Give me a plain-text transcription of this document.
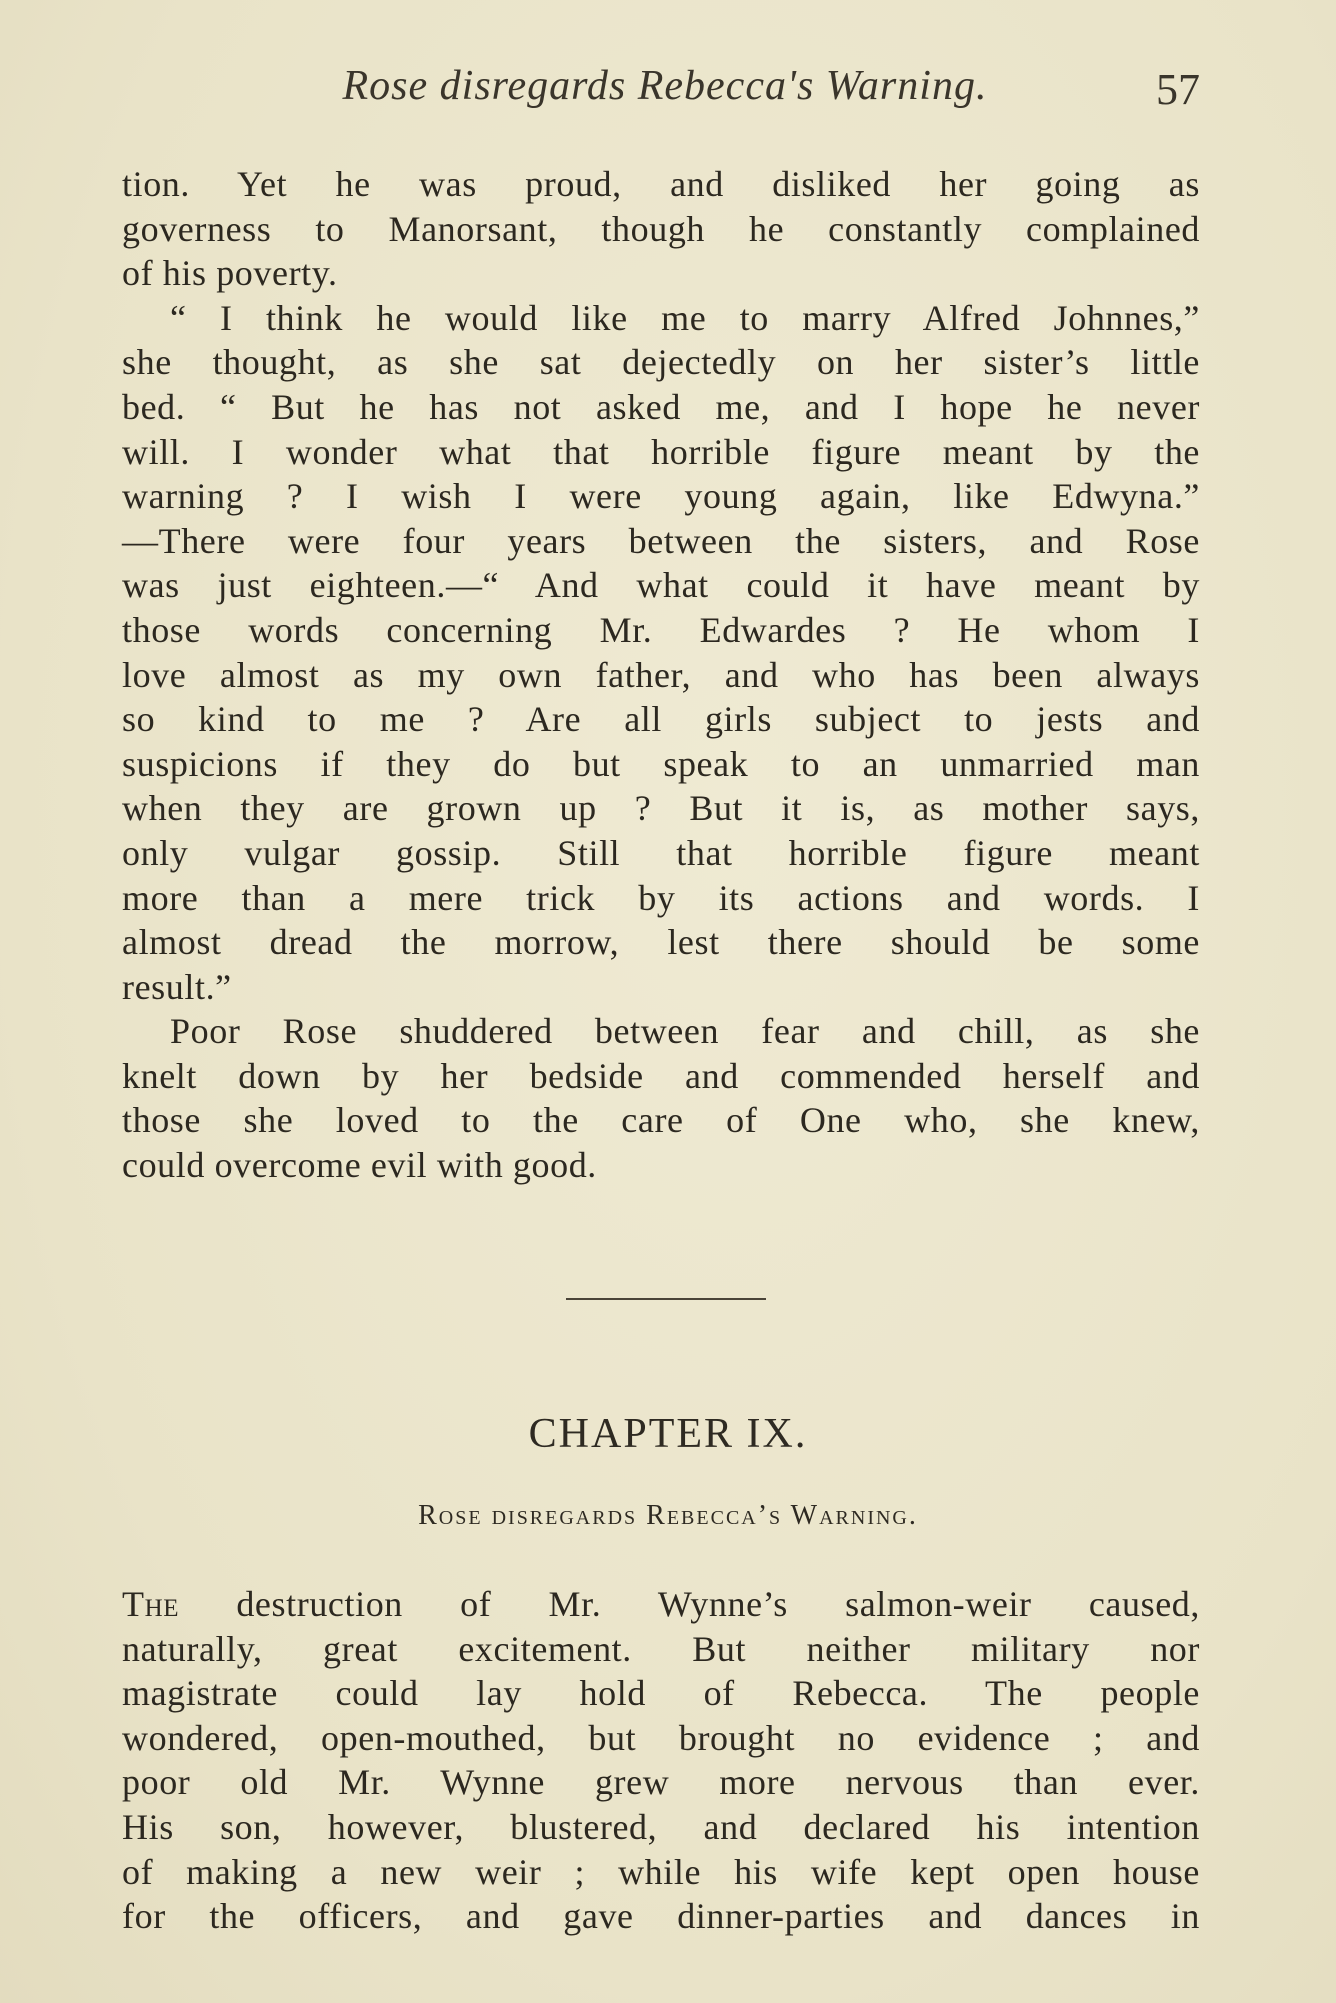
Rose disregards Rebecca's Warning.	57

tion. Yet he was proud, and disliked her going as
governess to Manorsant, though he constantly complained
of his poverty.

“ I think he would like me to marry Alfred Johnnes,”
she thought, as she sat dejectedly on her sister’s little
bed. “ But he has not asked me, and I hope he never
will. I wonder what that horrible figure meant by the
warning ? I wish I were young again, like Edwyna.”
—There were four years between the sisters, and Rose
was just eighteen.—“ And what could it have meant by
those words concerning Mr. Edwardes ? He whom I
love almost as my own father, and who has been always
so kind to me ? Are all girls subject to jests and
suspicions if they do but speak to an unmarried man
when they are grown up ? But it is, as mother says,
only vulgar gossip. Still that horrible figure meant
more than a mere trick by its actions and words. I
almost dread the morrow, lest there should be some
result.”

Poor Rose shuddered between fear and chill, as she
knelt down by her bedside and commended herself and
those she loved to the care of One who, she knew,
could overcome evil with good.

CHAPTER IX.
Rose disregards Rebecca’s Warning.

The destruction of Mr. Wynne’s salmon-weir caused,
naturally, great excitement. But neither military nor
magistrate could lay hold of Rebecca. The people
wondered, open-mouthed, but brought no evidence ; and
poor old Mr. Wynne grew more nervous than ever.
His son, however, blustered, and declared his intention
of making a new weir ; while his wife kept open house
for the officers, and gave dinner-parties and dances in
